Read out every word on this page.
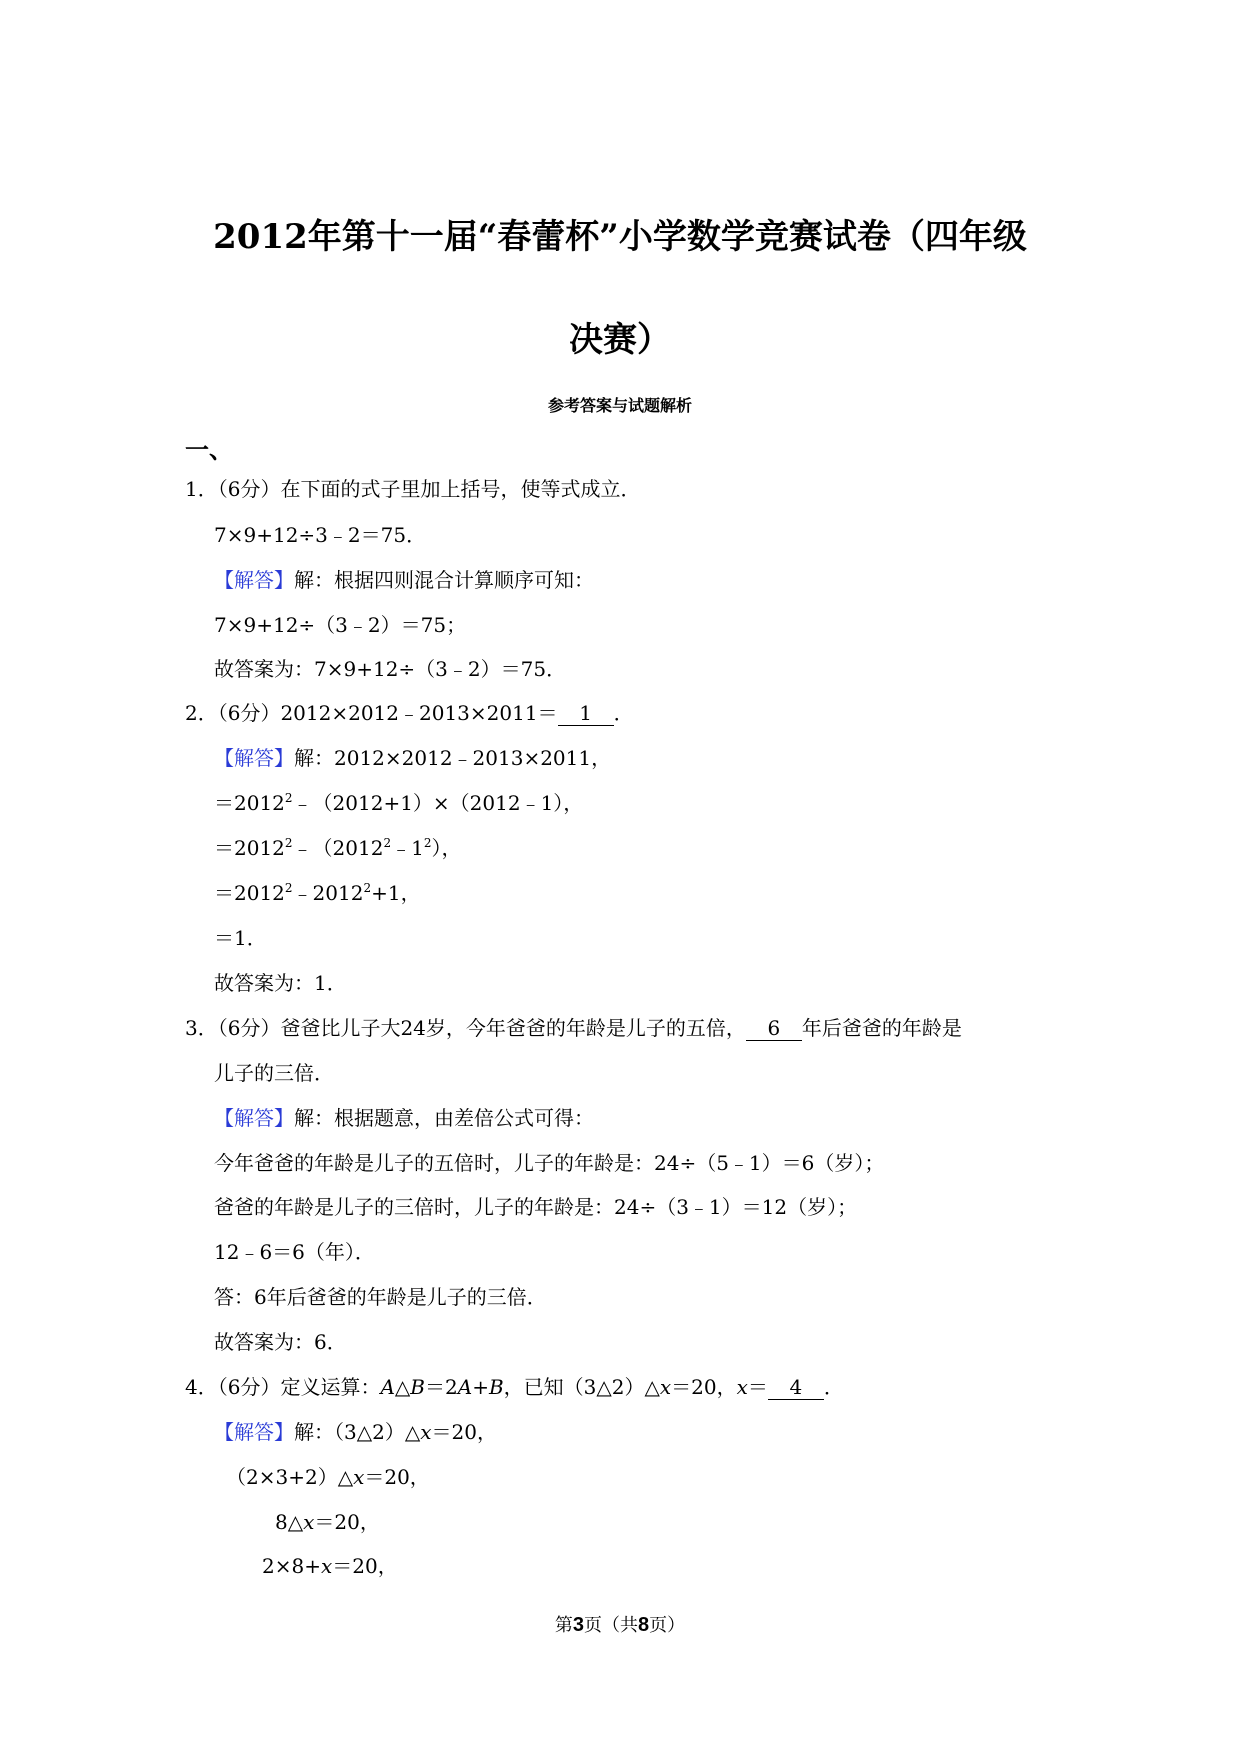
2012年第十一届“春蕾杯”小学数学竞赛试卷（四年级
决赛）
参考答案与试题解析
一、
1．（6分）在下面的式子里加上括号，使等式成立．
7×9+12÷3﹣2＝75．
【解答】解：根据四则混合计算顺序可知：
7×9+12÷（3﹣2）＝75；
故答案为：7×9+12÷（3﹣2）＝75．
2．（6分）2012×2012﹣2013×2011＝ 1 ．
【解答】解：2012×2012﹣2013×2011，
$=2012^2﹣(2012+1)\times(2012﹣1)$，
$=2012^2﹣(2012^2﹣1^2)$，
$=2012^2﹣2012^2+1$，
＝1．
故答案为：1．
3．（6分）爸爸比儿子大24岁，今年爸爸的年龄是儿子的五倍， 6 年后爸爸的年龄是
儿子的三倍．
【解答】解：根据题意，由差倍公式可得：
今年爸爸的年龄是儿子的五倍时，儿子的年龄是：24÷（5﹣1）＝6（岁）；
爸爸的年龄是儿子的三倍时，儿子的年龄是：24÷（3﹣1）＝12（岁）；
12﹣6＝6（年）．
答：6年后爸爸的年龄是儿子的三倍．
故答案为：6．
4．（6分）定义运算：A△B＝2A+B，已知（3△2）△x＝20，x＝ 4 ．
【解答】解：（3△2）△x＝20，
（2×3+2）△x＝20，
8△x＝20，
2×8+x＝20，
第3页（共8页）
